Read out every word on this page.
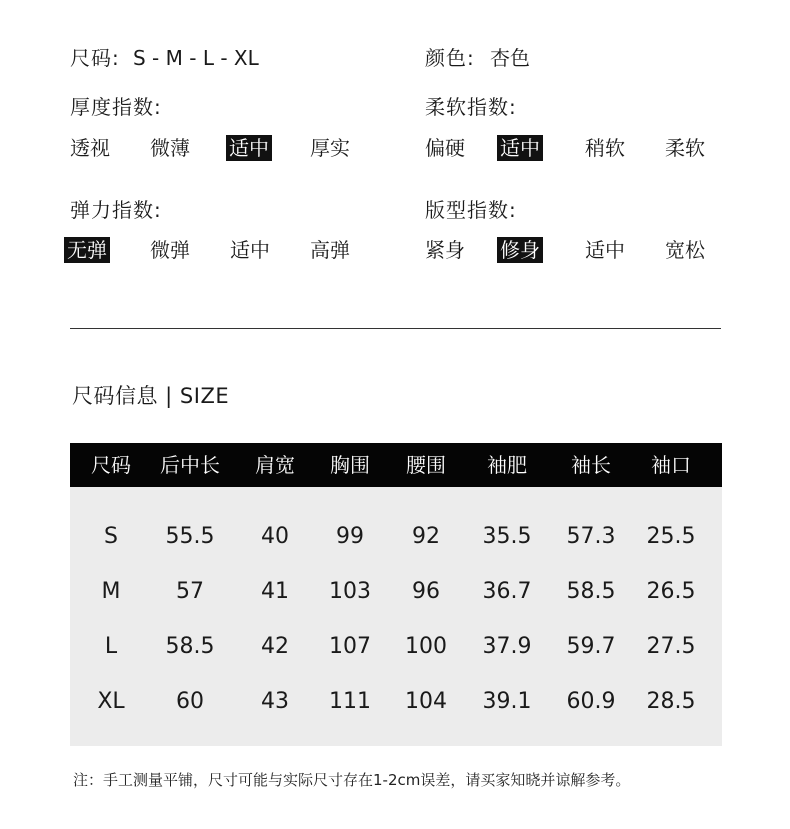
尺码: S - M - L - XL	颜色: 杏色
厚度指数:
透视 微薄 适中 厚实
柔软指数:
偏硬 适中 稍软 柔软
弹力指数:
无弹 微弹 适中 高弹
版型指数:
紧身 修身 适中 宽松
尺码信息 | SIZE
尺码 后中长 肩宽 胸围 腰围 袖肥 袖长 袖口
S 55.5 40 99 92 35.5 57.3 25.5
M	57	41 103 96 36.7 58.5 26.5
L 58.5 42 107 100 37.9 59.7 27.5
XL 60	43 111 104 39.1 60.9 28.5
注：手工测量平铺，尺寸可能与实际尺寸存在1-2cm误差，请买家知晓并谅解参考。
